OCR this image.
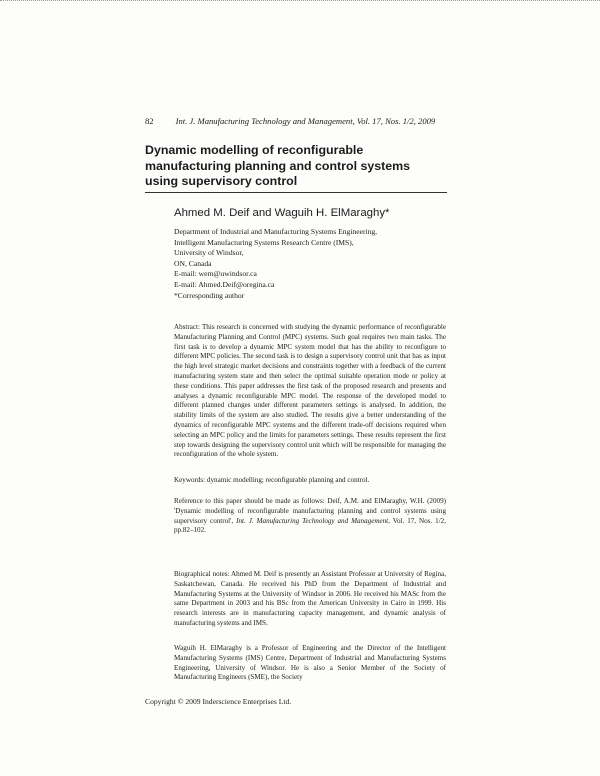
82	Int. J. Manufacturing Technology and Management, Vol. 17, Nos. 1/2, 2009
Dynamic modelling of reconfigurable
manufacturing planning and control systems
using supervisory control
Ahmed M. Deif and Waguih H. ElMaraghy*
Department of Industrial and Manufacturing Systems Engineering,
Intelligent Manufacturing Systems Research Centre (IMS),
University of Windsor,
ON, Canada
E-mail: wem@uwindsor.ca
E-mail: Ahmed.Deif@oregina.ca
*Corresponding author
Abstract: This research is concerned with studying the dynamic performance of reconfigurable Manufacturing Planning and Control (MPC) systems. Such goal requires two main tasks. The first task is to develop a dynamic MPC system model that has the ability to reconfigure to different MPC policies. The second task is to design a supervisory control unit that has as input the high level strategic market decisions and constraints together with a feedback of the current manufacturing system state and then select the optimal suitable operation mode or policy at these conditions. This paper addresses the first task of the proposed research and presents and analyses a dynamic reconfigurable MPC model. The response of the developed model to different planned changes under different parameters settings is analysed. In addition, the stability limits of the system are also studied. The results give a better understanding of the dynamics of reconfigurable MPC systems and the different trade-off decisions required when selecting an MPC policy and the limits for parameters settings. These results represent the first step towards designing the supervisory control unit which will be responsible for managing the reconfiguration of the whole system.
Keywords: dynamic modelling; reconfigurable planning and control.
Reference to this paper should be made as follows: Deif, A.M. and ElMaraghy, W.H. (2009) 'Dynamic modelling of reconfigurable manufacturing planning and control systems using supervisory control', Int. J. Manufacturing Technology and Management, Vol. 17, Nos. 1/2, pp.82–102.
Biographical notes: Ahmed M. Deif is presently an Assistant Professor at University of Regina, Saskatchewan, Canada. He received his PhD from the Department of Industrial and Manufacturing Systems at the University of Windsor in 2006. He received his MASc from the same Department in 2003 and his BSc from the American University in Cairo in 1999. His research interests are in manufacturing capacity management, and dynamic analysis of manufacturing systems and IMS.
Waguih H. ElMaraghy is a Professor of Engineering and the Director of the Intelligent Manufacturing Systems (IMS) Centre, Department of Industrial and Manufacturing Systems Engineering, University of Windsor. He is also a Senior Member of the Society of Manufacturing Engineers (SME), the Society
Copyright © 2009 Inderscience Enterprises Ltd.
